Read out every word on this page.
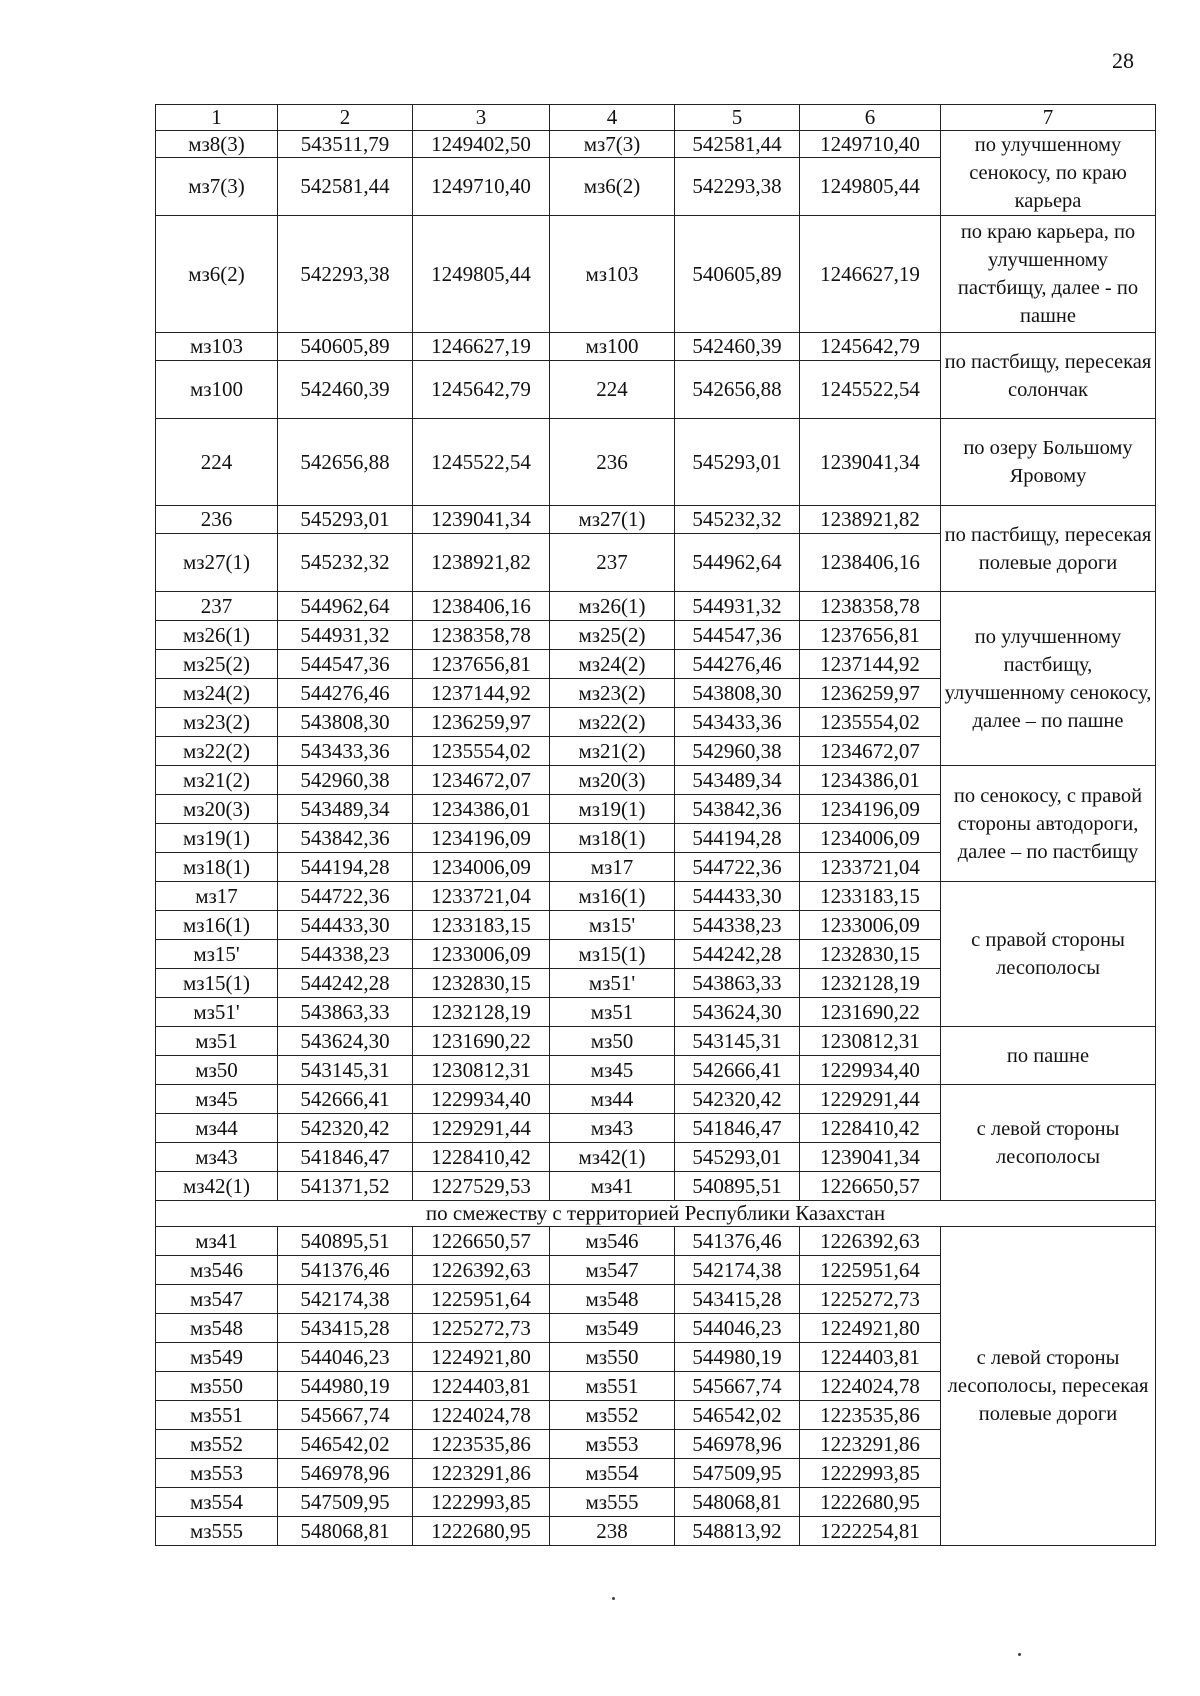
28
1	2	3	4	5	6	7
мз8(3)	543511,79	1249402,50	мз7(3)	542581,44	1249710,40	по улучшенному сенокосу, по краю карьера
мз7(3)	542581,44	1249710,40	мз6(2)	542293,38	1249805,44	
мз6(2)	542293,38	1249805,44	мз103	540605,89	1246627,19	по краю карьера, по улучшенному пастбищу, далее - по пашне
мз103	540605,89	1246627,19	мз100	542460,39	1245642,79	по пастбищу, пересекая солончак
мз100	542460,39	1245642,79	224	542656,88	1245522,54	
224	542656,88	1245522,54	236	545293,01	1239041,34	по озеру Большому Яровому
236	545293,01	1239041,34	мз27(1)	545232,32	1238921,82	по пастбищу, пересекая полевые дороги
мз27(1)	545232,32	1238921,82	237	544962,64	1238406,16	
237	544962,64	1238406,16	мз26(1)	544931,32	1238358,78	по улучшенному пастбищу, улучшенному сенокосу, далее – по пашне
мз26(1)	544931,32	1238358,78	мз25(2)	544547,36	1237656,81	
мз25(2)	544547,36	1237656,81	мз24(2)	544276,46	1237144,92	
мз24(2)	544276,46	1237144,92	мз23(2)	543808,30	1236259,97	
мз23(2)	543808,30	1236259,97	мз22(2)	543433,36	1235554,02	
мз22(2)	543433,36	1235554,02	мз21(2)	542960,38	1234672,07	
мз21(2)	542960,38	1234672,07	мз20(3)	543489,34	1234386,01	по сенокосу, с правой стороны автодороги, далее – по пастбищу
мз20(3)	543489,34	1234386,01	мз19(1)	543842,36	1234196,09	
мз19(1)	543842,36	1234196,09	мз18(1)	544194,28	1234006,09	
мз18(1)	544194,28	1234006,09	мз17	544722,36	1233721,04	
мз17	544722,36	1233721,04	мз16(1)	544433,30	1233183,15	с правой стороны лесополосы
мз16(1)	544433,30	1233183,15	мз15'	544338,23	1233006,09	
мз15'	544338,23	1233006,09	мз15(1)	544242,28	1232830,15	
мз15(1)	544242,28	1232830,15	мз51'	543863,33	1232128,19	
мз51'	543863,33	1232128,19	мз51	543624,30	1231690,22	
мз51	543624,30	1231690,22	мз50	543145,31	1230812,31	по пашне
мз50	543145,31	1230812,31	мз45	542666,41	1229934,40	
мз45	542666,41	1229934,40	мз44	542320,42	1229291,44	с левой стороны лесополосы
мз44	542320,42	1229291,44	мз43	541846,47	1228410,42	
мз43	541846,47	1228410,42	мз42(1)	545293,01	1239041,34	
мз42(1)	541371,52	1227529,53	мз41	540895,51	1226650,57	
по смежеству с территорией Республики Казахстан						
мз41	540895,51	1226650,57	мз546	541376,46	1226392,63	с левой стороны лесополосы, пересекая полевые дороги
мз546	541376,46	1226392,63	мз547	542174,38	1225951,64	
мз547	542174,38	1225951,64	мз548	543415,28	1225272,73	
мз548	543415,28	1225272,73	мз549	544046,23	1224921,80	
мз549	544046,23	1224921,80	мз550	544980,19	1224403,81	
мз550	544980,19	1224403,81	мз551	545667,74	1224024,78	
мз551	545667,74	1224024,78	мз552	546542,02	1223535,86	
мз552	546542,02	1223535,86	мз553	546978,96	1223291,86	
мз553	546978,96	1223291,86	мз554	547509,95	1222993,85	
мз554	547509,95	1222993,85	мз555	548068,81	1222680,95	
мз555	548068,81	1222680,95	238	548813,92	1222254,81	
